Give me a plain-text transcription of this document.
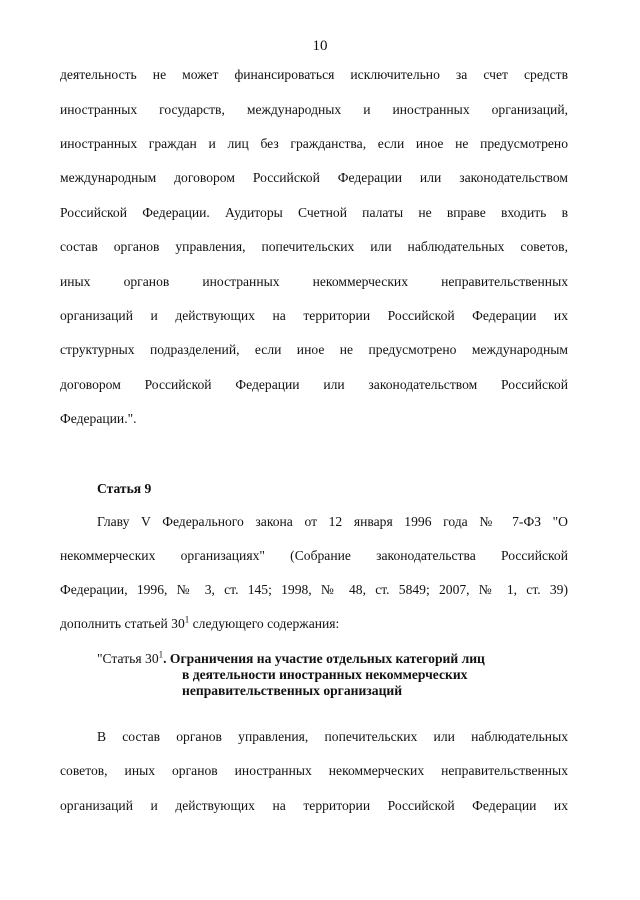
10

деятельность не может финансироваться исключительно за счет средств

иностранных государств, международных и иностранных организаций,

иностранных граждан и лиц без гражданства, если иное не предусмотрено

международным договором Российской Федерации или законодательством

Российской Федерации. Аудиторы Счетной палаты не вправе входить в

состав органов управления, попечительских или наблюдательных советов,

иных органов иностранных некоммерческих неправительственных

организаций и действующих на территории Российской Федерации их

структурных подразделений, если иное не предусмотрено международным

договором Российской Федерации или законодательством Российской

Федерации.".

Статья 9

Главу V Федерального закона от 12 января 1996 года № 7-ФЗ "О

некоммерческих организациях" (Собрание законодательства Российской

Федерации, 1996, № 3, ст. 145; 1998, № 48, ст. 5849; 2007, № 1, ст. 39)

дополнить статьей $30^1$ следующего содержания:

"Статья $30^1$. Ограничения на участие отдельных категорий лиц

в деятельности иностранных некоммерческих

неправительственных организаций

В состав органов управления, попечительских или наблюдательных

советов, иных органов иностранных некоммерческих неправительственных

организаций и действующих на территории Российской Федерации их
